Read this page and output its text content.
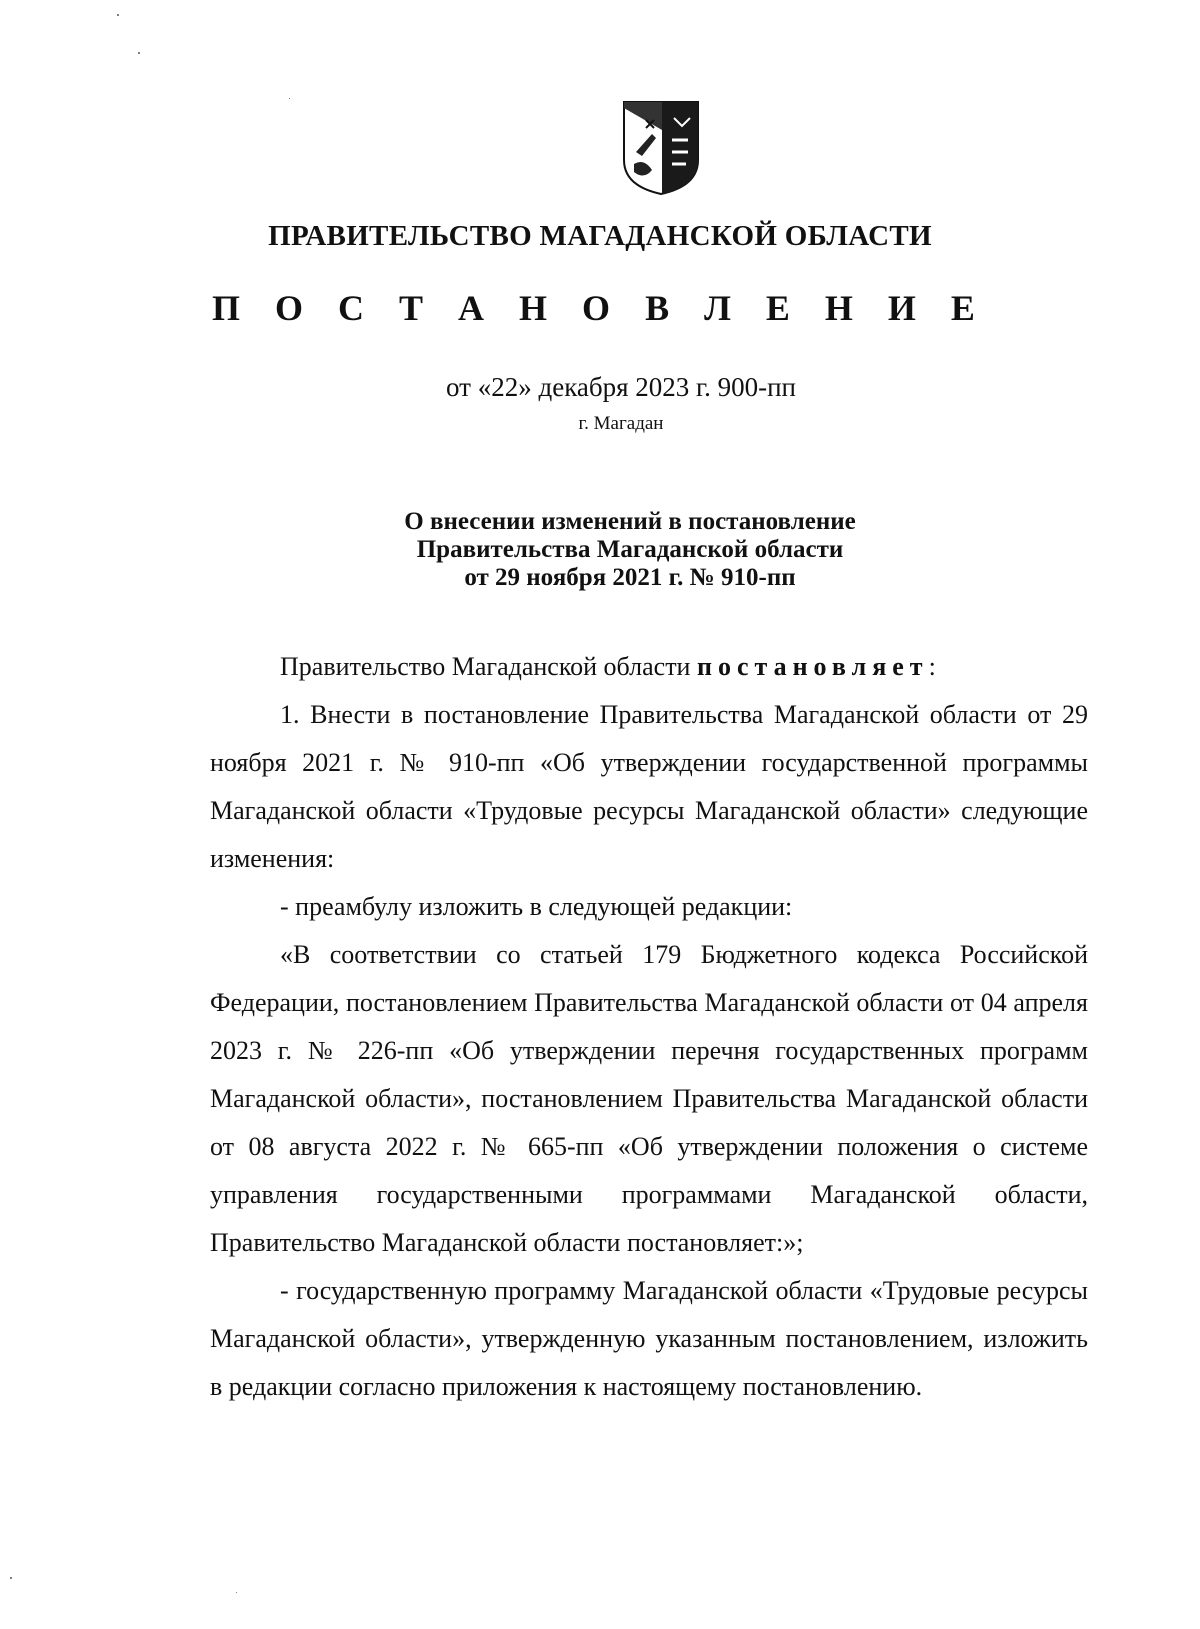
ПРАВИТЕЛЬСТВО МАГАДАНСКОЙ ОБЛАСТИ
П О С Т А Н О В Л Е Н И Е
от «22» декабря 2023 г. 900-пп
г. Магадан
О внесении изменений в постановление
Правительства Магаданской области
от 29 ноября 2021 г. № 910-пп

Правительство Магаданской области постановляет:

1. Внести в постановление Правительства Магаданской области от 29 ноября 2021 г. № 910-пп «Об утверждении государственной программы Магаданской области «Трудовые ресурсы Магаданской области» следующие изменения:

- преамбулу изложить в следующей редакции:

«В соответствии со статьей 179 Бюджетного кодекса Российской Федерации, постановлением Правительства Магаданской области от 04 апреля 2023 г. № 226-пп «Об утверждении перечня государственных программ Магаданской области», постановлением Правительства Магаданской области от 08 августа 2022 г. № 665-пп «Об утверждении положения о системе управления государственными программами Магаданской области, Правительство Магаданской области постановляет:»;

- государственную программу Магаданской области «Трудовые ресурсы Магаданской области», утвержденную указанным постановлением, изложить в редакции согласно приложения к настоящему постановлению.
